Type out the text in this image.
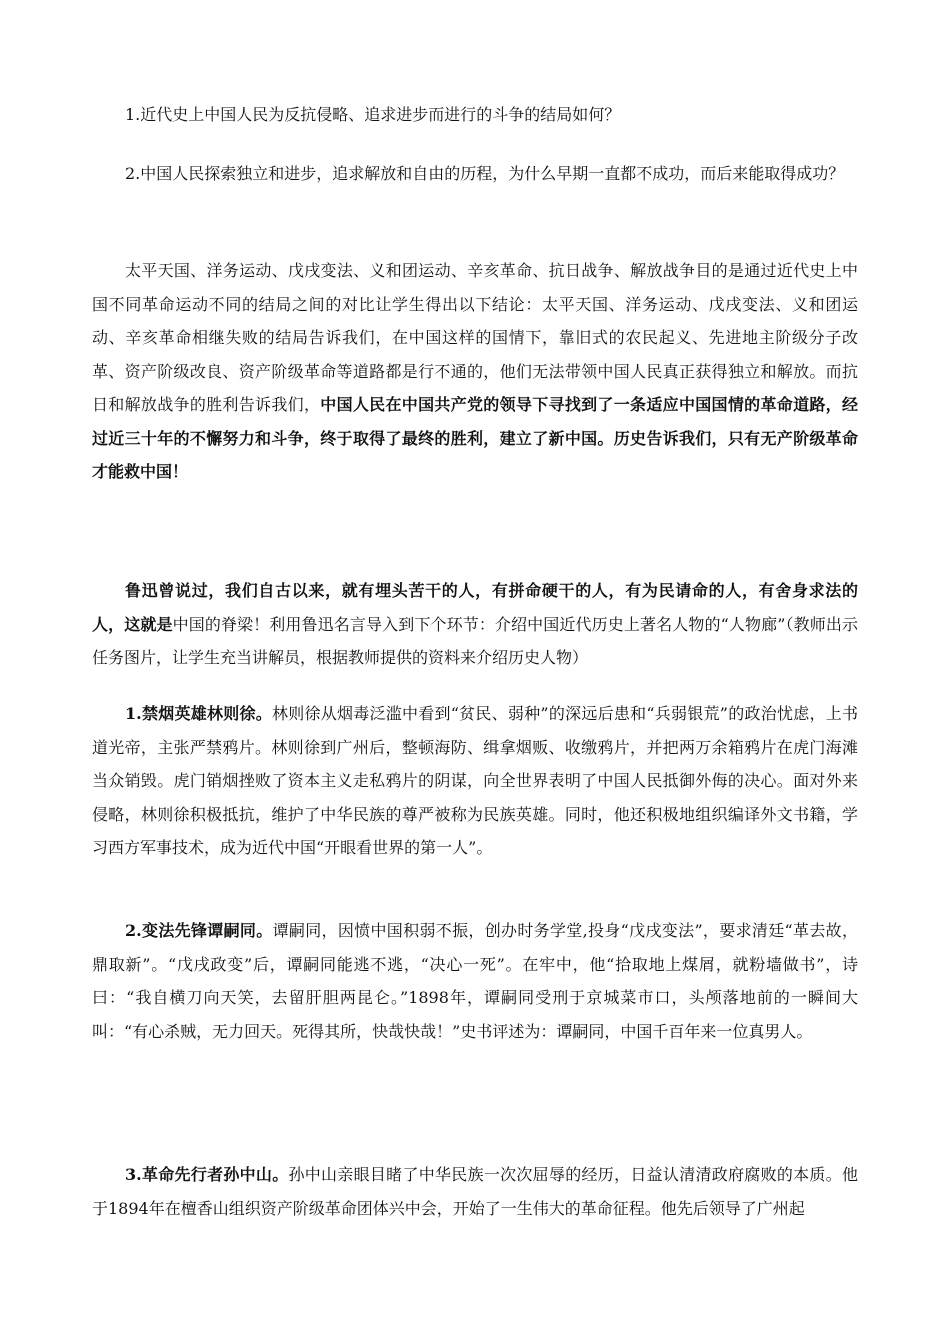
1.近代史上中国人民为反抗侵略、追求进步而进行的斗争的结局如何？

2.中国人民探索独立和进步，追求解放和自由的历程，为什么早期一直都不成功，而后来能取得成功？

太平天国、洋务运动、戊戌变法、义和团运动、辛亥革命、抗日战争、解放战争目的是通过近代史上中国不同革命运动不同的结局之间的对比让学生得出以下结论：太平天国、洋务运动、戊戌变法、义和团运动、辛亥革命相继失败的结局告诉我们，在中国这样的国情下，靠旧式的农民起义、先进地主阶级分子改革、资产阶级改良、资产阶级革命等道路都是行不通的，他们无法带领中国人民真正获得独立和解放。而抗日和解放战争的胜利告诉我们，中国人民在中国共产党的领导下寻找到了一条适应中国国情的革命道路，经过近三十年的不懈努力和斗争，终于取得了最终的胜利，建立了新中国。历史告诉我们，只有无产阶级革命才能救中国！

鲁迅曾说过，我们自古以来，就有埋头苦干的人，有拼命硬干的人，有为民请命的人，有舍身求法的人，这就是中国的脊梁！利用鲁迅名言导入到下个环节：介绍中国近代历史上著名人物的“人物廊”（教师出示任务图片，让学生充当讲解员，根据教师提供的资料来介绍历史人物）

1.禁烟英雄林则徐。林则徐从烟毒泛滥中看到“贫民、弱种”的深远后患和“兵弱银荒”的政治忧虑，上书道光帝，主张严禁鸦片。林则徐到广州后，整顿海防、缉拿烟贩、收缴鸦片，并把两万余箱鸦片在虎门海滩当众销毁。虎门销烟挫败了资本主义走私鸦片的阴谋，向全世界表明了中国人民抵御外侮的决心。面对外来侵略，林则徐积极抵抗，维护了中华民族的尊严被称为民族英雄。同时，他还积极地组织编译外文书籍，学习西方军事技术，成为近代中国“开眼看世界的第一人”。

2.变法先锋谭嗣同。谭嗣同，因愤中国积弱不振，创办时务学堂,投身“戊戌变法”，要求清廷“革去故，鼎取新”。“戊戌政变”后，谭嗣同能逃不逃，“决心一死”。在牢中，他“拾取地上煤屑，就粉墙做书”，诗曰：“我自横刀向天笑，去留肝胆两昆仑。”1898年，谭嗣同受刑于京城菜市口，头颅落地前的一瞬间大叫：“有心杀贼，无力回天。死得其所，快哉快哉！”史书评述为：谭嗣同，中国千百年来一位真男人。

3.革命先行者孙中山。孙中山亲眼目睹了中华民族一次次屈辱的经历，日益认清清政府腐败的本质。他于1894年在檀香山组织资产阶级革命团体兴中会，开始了一生伟大的革命征程。他先后领导了广州起
